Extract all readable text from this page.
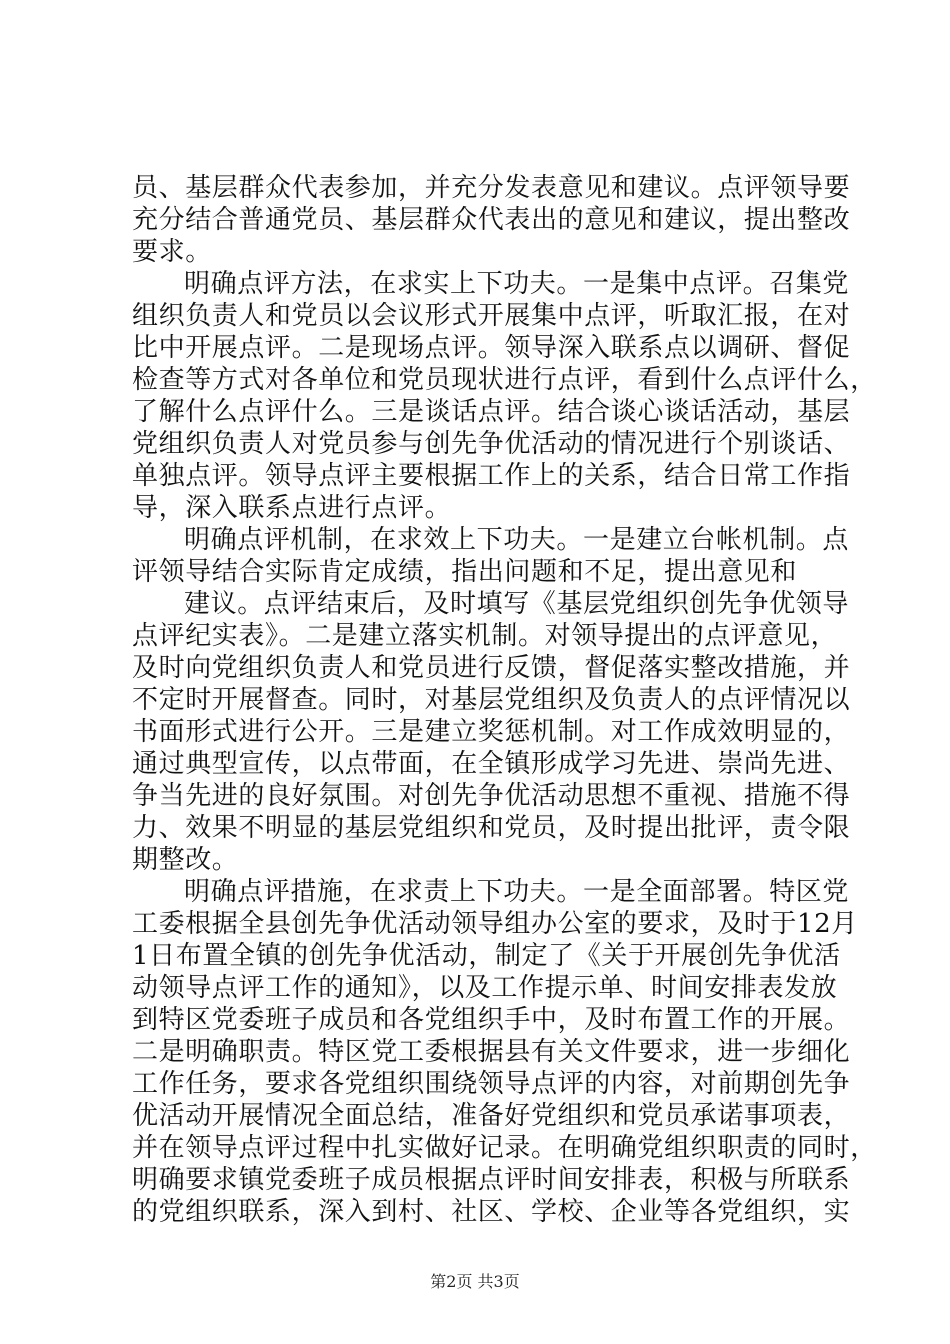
员、基层群众代表参加，并充分发表意见和建议。点评领导要
充分结合普通党员、基层群众代表出的意见和建议，提出整改
要求。
明确点评方法，在求实上下功夫。一是集中点评。召集党
组织负责人和党员以会议形式开展集中点评，听取汇报，在对
比中开展点评。二是现场点评。领导深入联系点以调研、督促
检查等方式对各单位和党员现状进行点评，看到什么点评什么，
了解什么点评什么。三是谈话点评。结合谈心谈话活动，基层
党组织负责人对党员参与创先争优活动的情况进行个别谈话、
单独点评。领导点评主要根据工作上的关系，结合日常工作指
导，深入联系点进行点评。
明确点评机制，在求效上下功夫。一是建立台帐机制。点
评领导结合实际肯定成绩，指出问题和不足，提出意见和
建议。点评结束后，及时填写《基层党组织创先争优领导
点评纪实表》。二是建立落实机制。对领导提出的点评意见，
及时向党组织负责人和党员进行反馈，督促落实整改措施，并
不定时开展督查。同时，对基层党组织及负责人的点评情况以
书面形式进行公开。三是建立奖惩机制。对工作成效明显的，
通过典型宣传，以点带面，在全镇形成学习先进、崇尚先进、
争当先进的良好氛围。对创先争优活动思想不重视、措施不得
力、效果不明显的基层党组织和党员，及时提出批评，责令限
期整改。
明确点评措施，在求责上下功夫。一是全面部署。特区党
工委根据全县创先争优活动领导组办公室的要求，及时于12月
1日布置全镇的创先争优活动，制定了《关于开展创先争优活
动领导点评工作的通知》，以及工作提示单、时间安排表发放
到特区党委班子成员和各党组织手中，及时布置工作的开展。
二是明确职责。特区党工委根据县有关文件要求，进一步细化
工作任务，要求各党组织围绕领导点评的内容，对前期创先争
优活动开展情况全面总结，准备好党组织和党员承诺事项表，
并在领导点评过程中扎实做好记录。在明确党组织职责的同时，
明确要求镇党委班子成员根据点评时间安排表，积极与所联系
的党组织联系，深入到村、社区、学校、企业等各党组织，实
第2页 共3页
